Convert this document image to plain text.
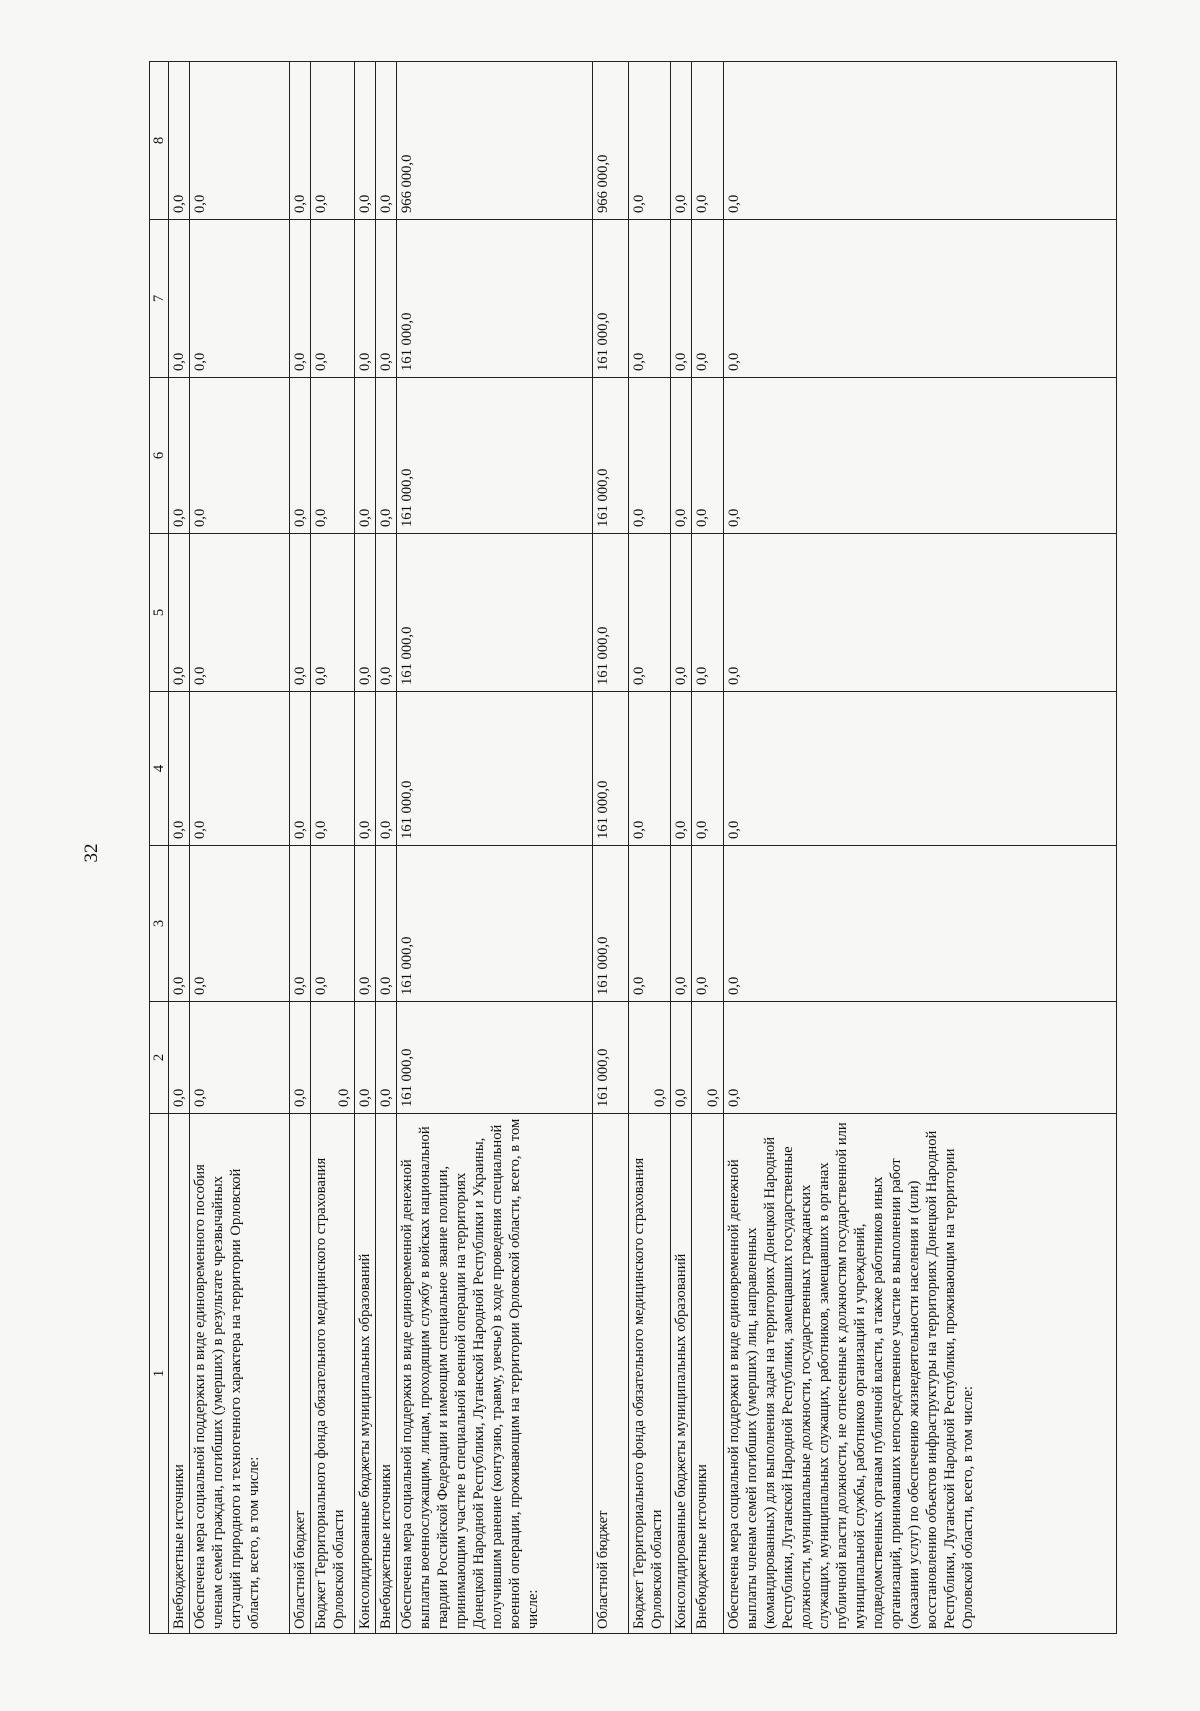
32
1	2	3	4	5	6	7	8
Внебюджетные источники	0,0	0,0	0,0	0,0	0,0	0,0	0,0
Обеспечена мера социальной поддержки в виде единовременного пособия членам семей граждан, погибших (умерших) в результате чрезвычайных ситуаций природного и техногенного характера на территории Орловской области, всего, в том числе:	0,0	0,0	0,0	0,0	0,0	0,0	0,0
Областной бюджет	0,0	0,0	0,0	0,0	0,0	0,0	0,0
Бюджет Территориального фонда обязательного медицинского страхования Орловской области	0,0	0,0	0,0	0,0	0,0	0,0	0,0
Консолидированные бюджеты муниципальных образований	0,0	0,0	0,0	0,0	0,0	0,0	0,0
Внебюджетные источники	0,0	0,0	0,0	0,0	0,0	0,0	0,0
Обеспечена мера социальной поддержки в виде единовременной денежной выплаты военнослужащим, лицам, проходящим службу в войсках национальной гвардии Российской Федерации и имеющим специальное звание полиции, принимающим участие в специальной военной операции на территориях Донецкой Народной Республики, Луганской Народной Республики и Украины, получившим ранение (контузию, травму, увечье) в ходе проведения специальной военной операции, проживающим на территории Орловской области, всего, в том числе:	161 000,0	161 000,0	161 000,0	161 000,0	161 000,0	161 000,0	966 000,0
Областной бюджет	161 000,0	161 000,0	161 000,0	161 000,0	161 000,0	161 000,0	966 000,0
Бюджет Территориального фонда обязательного медицинского страхования Орловской области	0,0	0,0	0,0	0,0	0,0	0,0	0,0
Консолидированные бюджеты муниципальных образований	0,0	0,0	0,0	0,0	0,0	0,0	0,0
Внебюджетные источники	0,0	0,0	0,0	0,0	0,0	0,0	0,0
Обеспечена мера социальной поддержки в виде единовременной денежной выплаты членам семей погибших (умерших) лиц, направленных (командированных) для выполнения задач на территориях Донецкой Народной Республики, Луганской Народной Республики, замещавших государственные должности, муниципальные должности, государственных гражданских служащих, муниципальных служащих, работников, замещавших в органах публичной власти должности, не отнесенные к должностям государственной или муниципальной службы, работников организаций и учреждений, подведомственных органам публичной власти, а также работников иных организаций, принимавших непосредственное участие в выполнении работ (оказании услуг) по обеспечению жизнедеятельности населения и (или) восстановлению объектов инфраструктуры на территориях Донецкой Народной Республики, Луганской Народной Республики, проживающим на территории Орловской области, всего, в том числе:	0,0	0,0	0,0	0,0	0,0	0,0	0,0
